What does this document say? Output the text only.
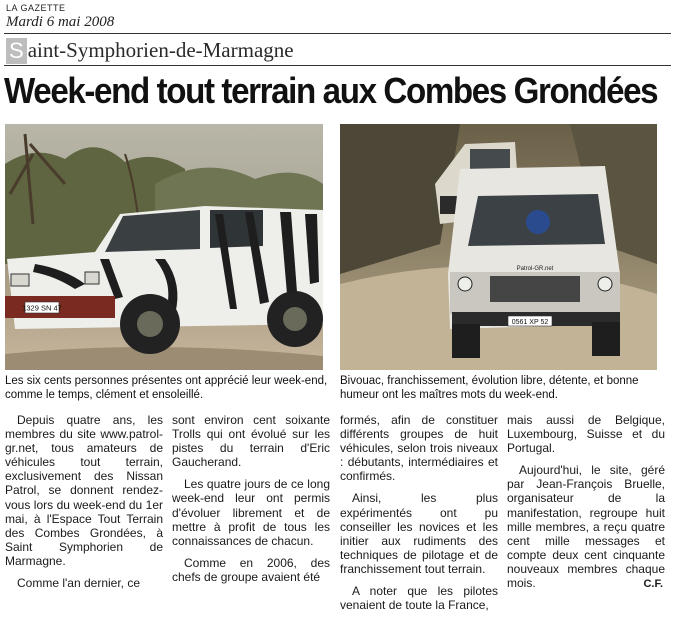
LA GAZETTE
Mardi 6 mai 2008
S aint-Symphorien-de-Marmagne
Week-end tout terrain aux Combes Grondées
1329 SN 47
Patrol-GR.net
0561 XP 52
Les six cents personnes présentes ont apprécié leur week-end, comme le temps, clément et ensoleillé.
Bivouac, franchissement, évolution libre, détente, et bonne humeur ont les maîtres mots du week-end.

Depuis quatre ans, les membres du site www.patrol-gr.net, tous amateurs de véhicules tout terrain, exclusivement des Nissan Patrol, se donnent rendez-vous lors du week-end du 1er mai, à l'Espace Tout Terrain des Combes Grondées, à Saint Symphorien de Marmagne.

Comme l'an dernier, ce

sont environ cent soixante Trolls qui ont évolué sur les pistes du terrain d'Eric Gaucherand.

Les quatre jours de ce long week-end leur ont permis d'évoluer librement et de mettre à profit de tous les connaissances de chacun.

Comme en 2006, des chefs de groupe avaient été

formés, afin de constituer différents groupes de huit véhicules, selon trois niveaux : débutants, intermédiaires et confirmés.

Ainsi, les plus expérimentés ont pu conseiller les novices et les initier aux rudiments des techniques de pilotage et de franchissement tout terrain.

A noter que les pilotes venaient de toute la France,

mais aussi de Belgique, Luxembourg, Suisse et du Portugal.

Aujourd'hui, le site, géré par Jean-François Bruelle, organisateur de la manifestation, regroupe huit mille membres, a reçu quatre cent mille messages et compte deux cent cinquante nouveaux membres chaque mois.	C.F.
